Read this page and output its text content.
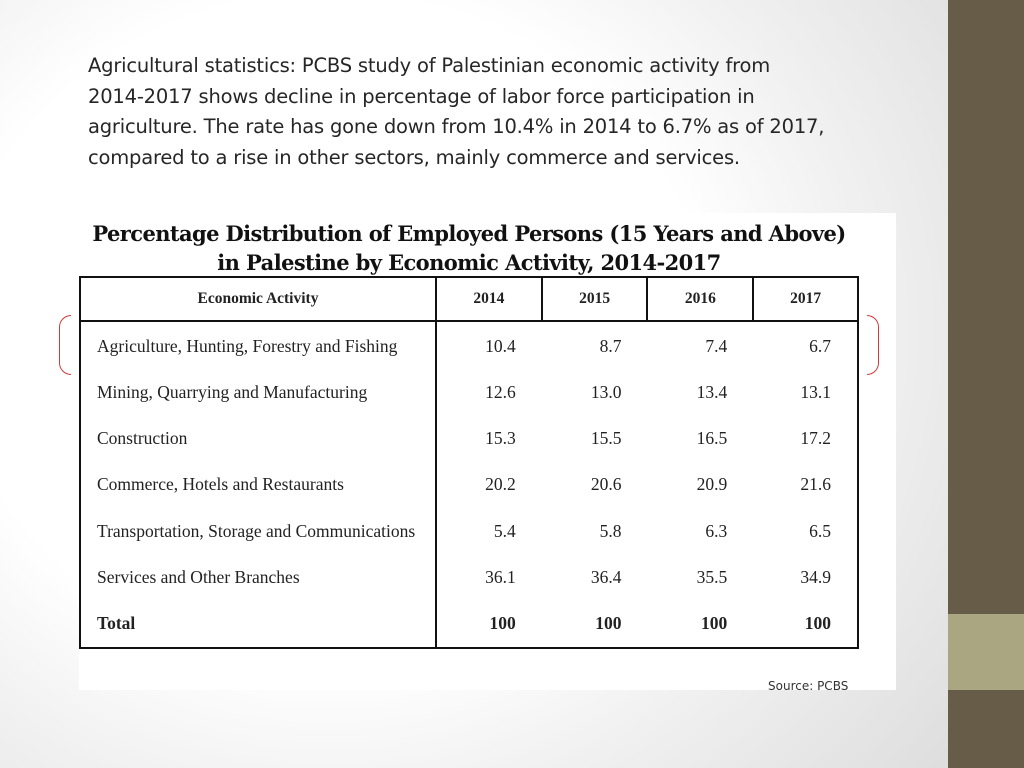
Agricultural statistics: PCBS study of Palestinian economic activity from 2014-2017 shows decline in percentage of labor force participation in agriculture. The rate has gone down from 10.4% in 2014 to 6.7% as of 2017, compared to a rise in other sectors, mainly commerce and services.

Percentage Distribution of Employed Persons (15 Years and Above)
in Palestine by Economic Activity, 2014-2017

Economic Activity	2014	2015	2016	2017
Agriculture, Hunting, Forestry and Fishing	10.4	8.7	7.4	6.7
Mining, Quarrying and Manufacturing	12.6	13.0	13.4	13.1
Construction	15.3	15.5	16.5	17.2
Commerce, Hotels and Restaurants	20.2	20.6	20.9	21.6
Transportation, Storage and Communications	5.4	5.8	6.3	6.5
Services and Other Branches	36.1	36.4	35.5	34.9
Total	100	100	100	100

Source: PCBS
